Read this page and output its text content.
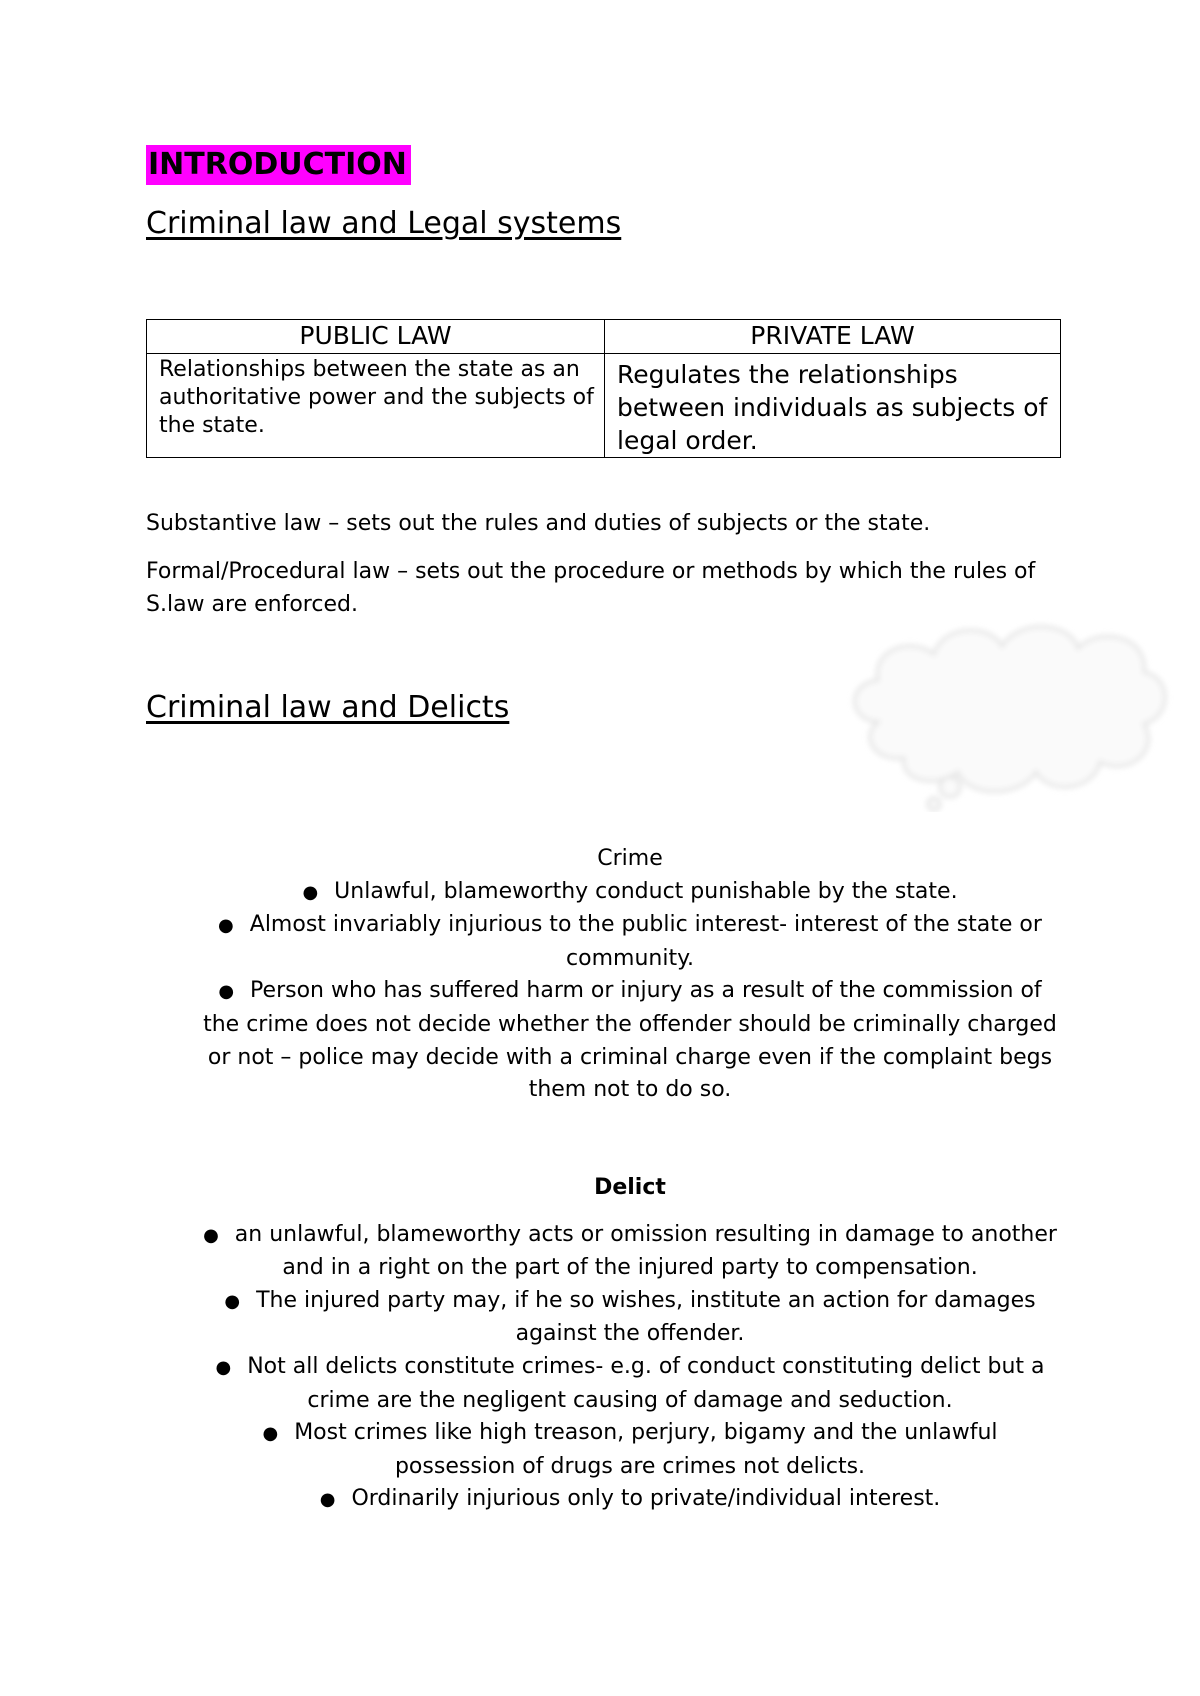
INTRODUCTION
Criminal law and Legal systems
PUBLIC LAW	PRIVATE LAW
Relationships between the state as an authoritative power and the subjects of the state.	Regulates the relationships between individuals as subjects of legal order.
Substantive law – sets out the rules and duties of subjects or the state.
Formal/Procedural law – sets out the procedure or methods by which the rules of S.law are enforced.
Criminal law and Delicts
Crime
● Unlawful, blameworthy conduct punishable by the state.
● Almost invariably injurious to the public interest- interest of the state or community.
● Person who has suffered harm or injury as a result of the commission of the crime does not decide whether the offender should be criminally charged or not – police may decide with a criminal charge even if the complaint begs them not to do so.
Delict
● an unlawful, blameworthy acts or omission resulting in damage to another and in a right on the part of the injured party to compensation.
● The injured party may, if he so wishes, institute an action for damages against the offender.
● Not all delicts constitute crimes- e.g. of conduct constituting delict but a crime are the negligent causing of damage and seduction.
● Most crimes like high treason, perjury, bigamy and the unlawful possession of drugs are crimes not delicts.
● Ordinarily injurious only to private/individual interest.
